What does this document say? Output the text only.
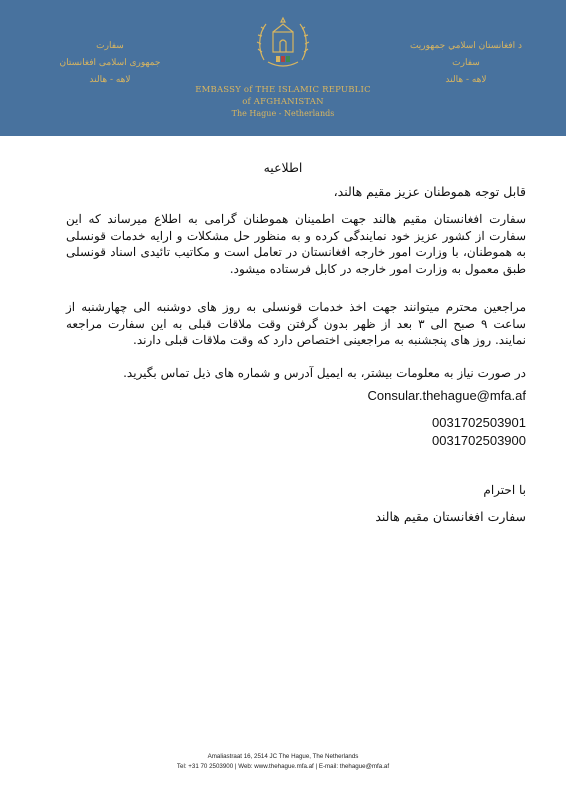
د افغانستان اسلامي جمهوریت
سفارت
لاهه - هالند
EMBASSY of THE ISLAMIC REPUBLIC
of AFGHANISTAN
The Hague - Netherlands
سفارت
جمهوری اسلامی افغانستان
لاهه - هالند
اطلاعیه
قابل توجه هموطنان عزیز مقیم هالند،
سفارت افغانستان مقیم هالند جهت اطمینان هموطنان گرامی به اطلاع میرساند که این سفارت از کشور عزیز خود نمایندگی کرده و به منظور حل مشکلات و ارایه خدمات قونسلی به هموطنان، با وزارت امور خارجه افغانستان در تعامل است و مکاتیب تائیدی اسناد قونسلی طبق معمول به وزارت امور خارجه در کابل فرستاده میشود.
مراجعین محترم میتوانند جهت اخذ خدمات قونسلی به روز های دوشنبه الی چهارشنبه از ساعت ۹ صبح الی ۳ بعد از ظهر بدون گرفتن وقت ملاقات قبلی به این سفارت مراجعه نمایند. روز های پنجشنبه به مراجعینی اختصاص دارد که وقت ملاقات قبلی دارند.
در صورت نیاز به معلومات بیشتر، به ایمیل آدرس و شماره های ذیل تماس بگیرید.
Consular.thehague@mfa.af
0031702503901
0031702503900
با احترام
سفارت افغانستان مقیم هالند
Amaliastraat 16, 2514 JC The Hague, The Netherlands
Tel: +31 70 2503900 | Web: www.thehague.mfa.af | E-mail: thehague@mfa.af
